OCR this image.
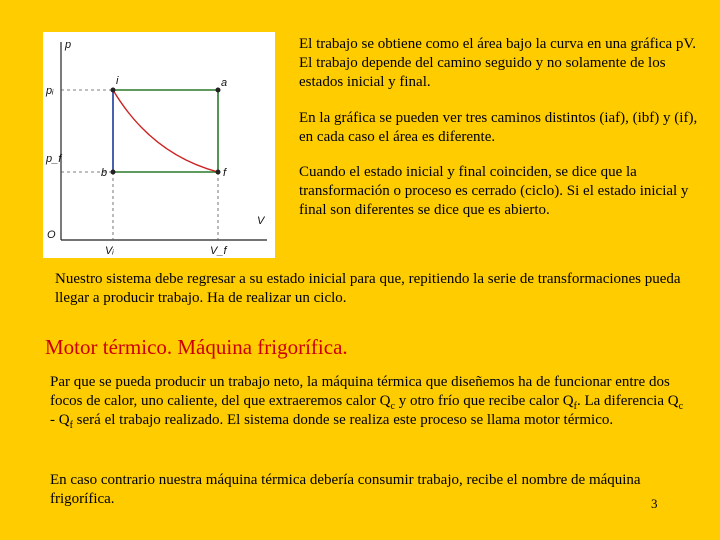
p
V
O
pᵢ
p_f
Vᵢ	V_f
i	a
b	f

El trabajo se obtiene como el área bajo la curva en una gráfica pV. El trabajo depende del camino seguido y no solamente de los estados inicial y final.

En la gráfica se pueden ver tres caminos distintos (iaf), (ibf) y (if), en cada caso el área es diferente.

Cuando el estado inicial y final coinciden, se dice que la transformación o proceso es cerrado (ciclo). Si el estado inicial y final son diferentes se dice que es abierto.

Nuestro sistema debe regresar a su estado inicial para que, repitiendo la serie de transformaciones pueda llegar a producir trabajo. Ha de realizar un ciclo.

Motor térmico. Máquina frigorífica.

Par que se pueda producir un trabajo neto, la máquina térmica que diseñemos ha de funcionar entre dos focos de calor, uno caliente, del que extraeremos calor $Q_c$ y otro frío que recibe calor $Q_f$. La diferencia $Q_c - Q_f$ será el trabajo realizado. El sistema donde se realiza este proceso se llama motor térmico.

En caso contrario nuestra máquina térmica debería consumir trabajo, recibe el nombre de máquina frigorífica.	3
